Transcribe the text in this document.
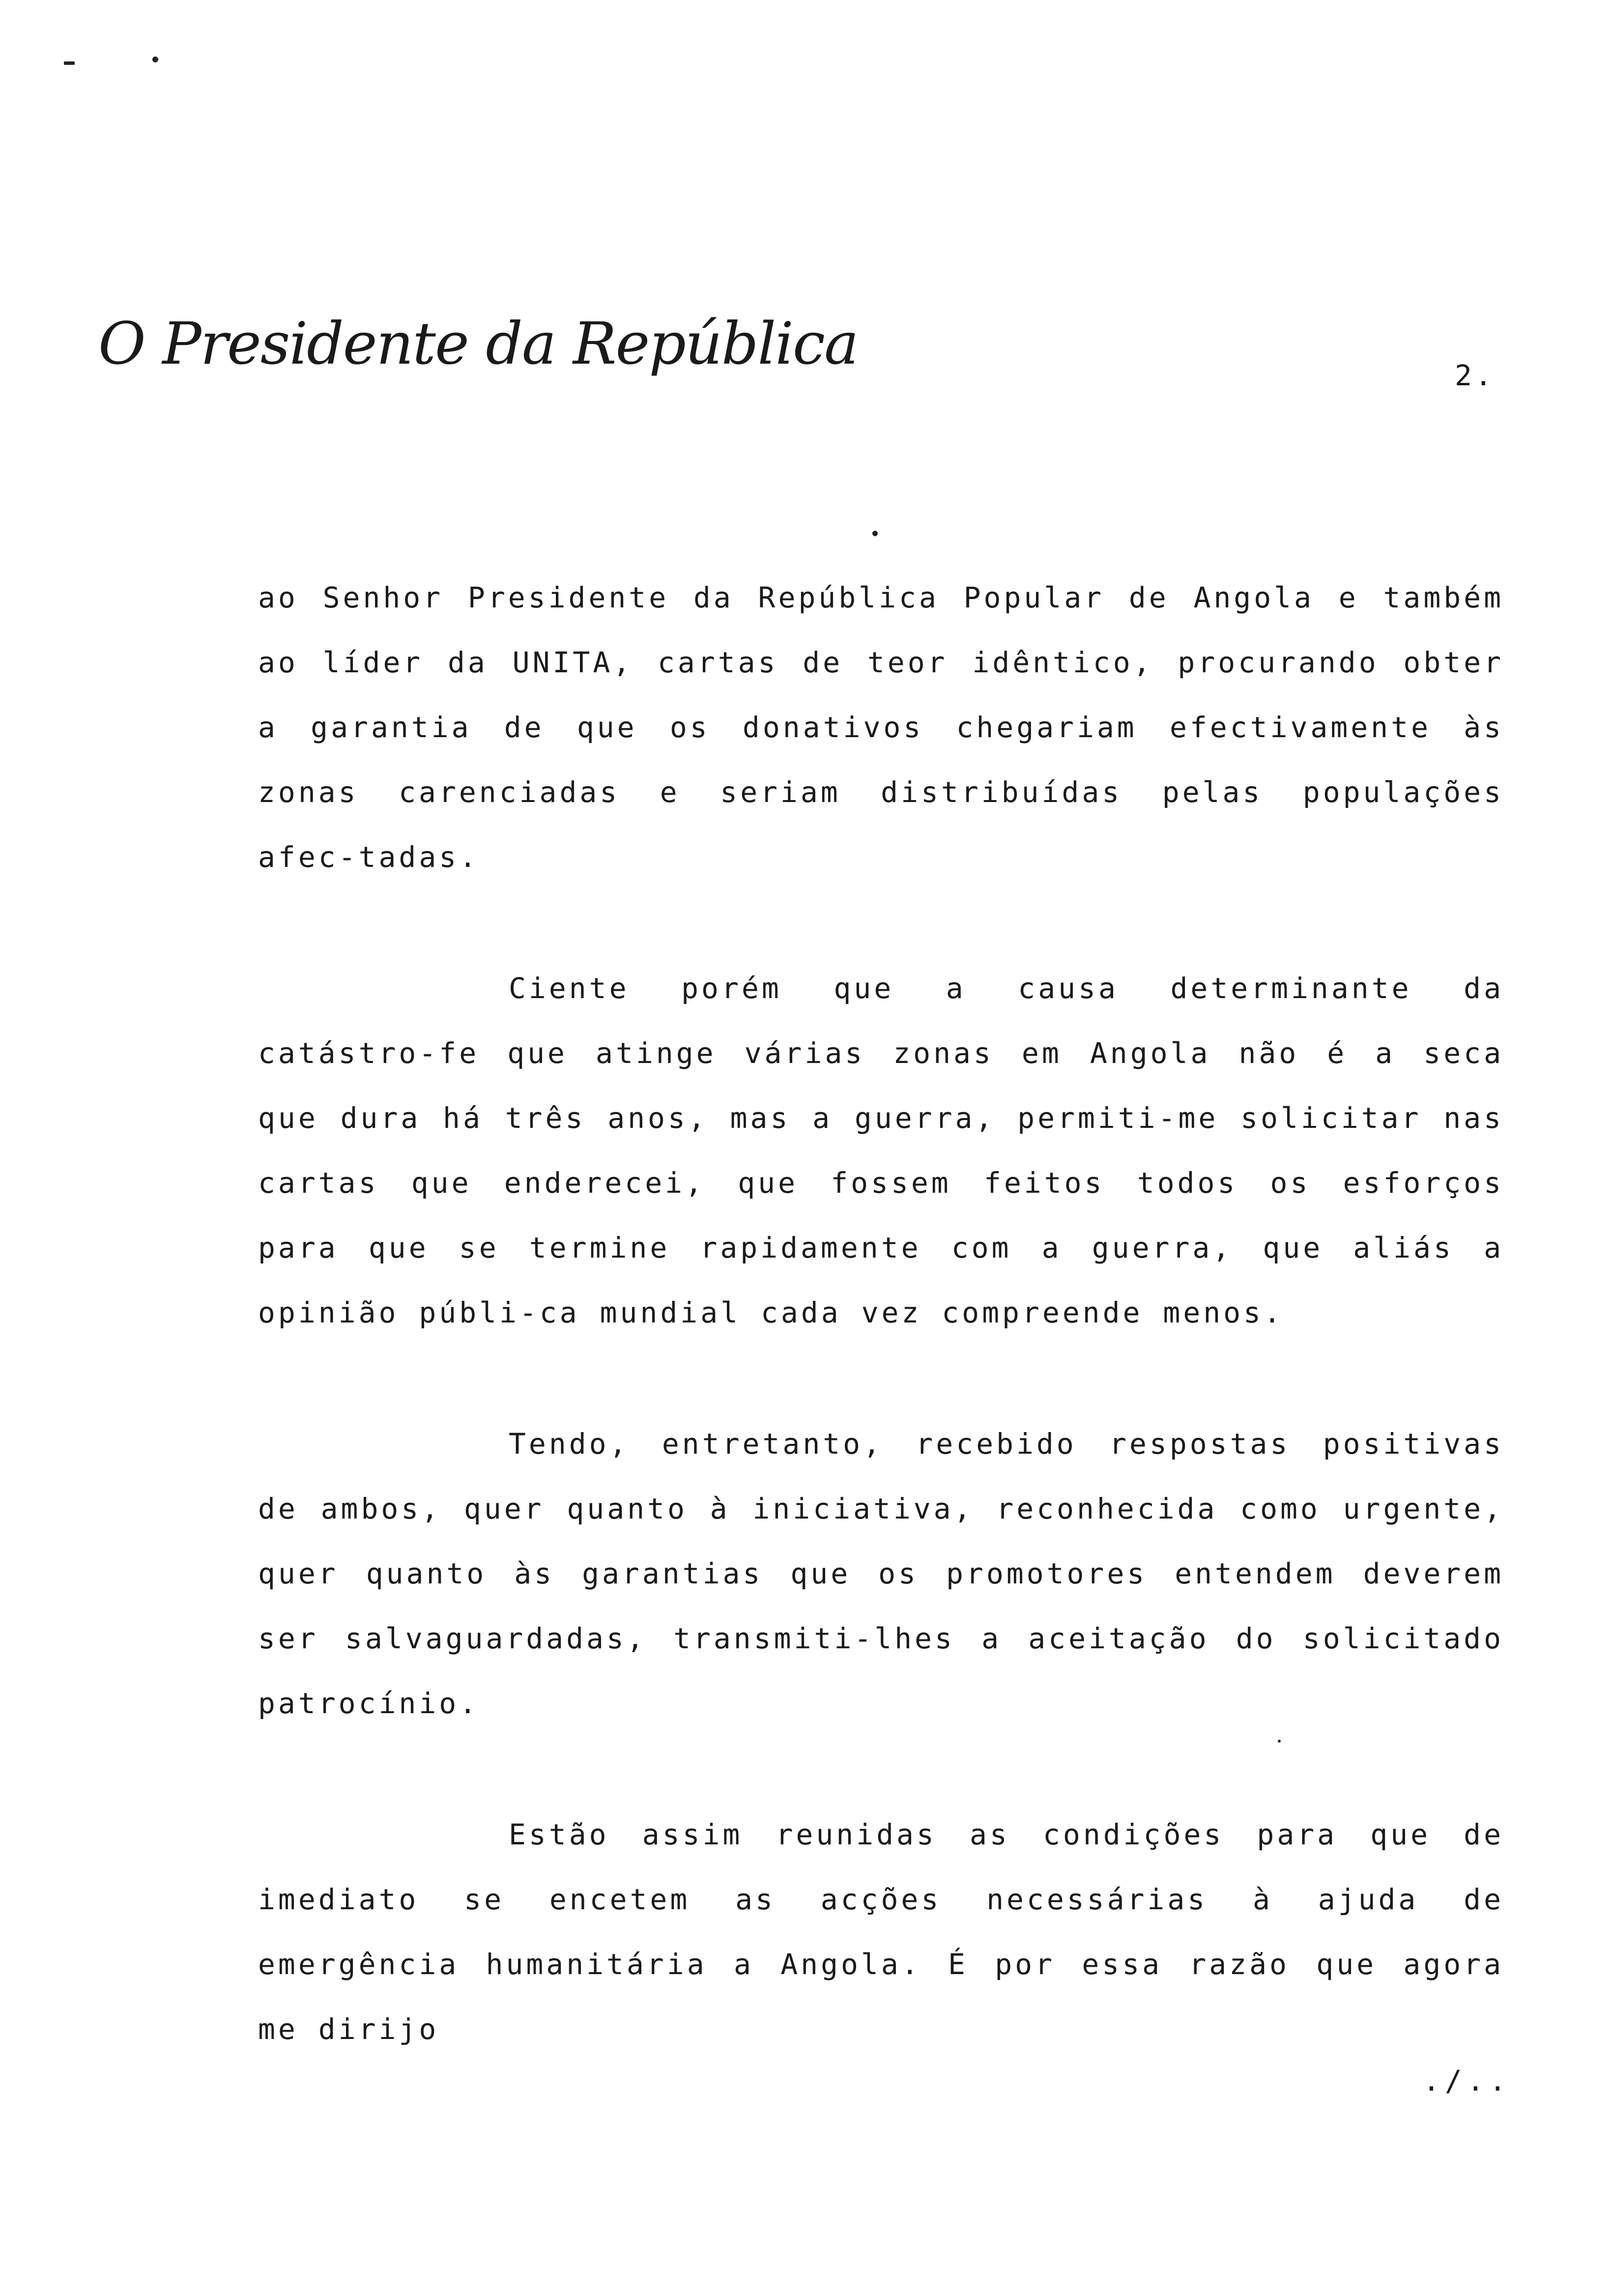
O Presidente da República	2.

ao Senhor Presidente da República Popular de Angola e também ao líder da UNITA, cartas de teor idêntico, procurando obter a garantia de que os donativos chegariam efectivamente às zonas carenciadas e seriam distribuídas pelas populações afec-tadas.

Ciente porém que a causa determinante da catástro-fe que atinge várias zonas em Angola não é a seca que dura há três anos, mas a guerra, permiti-me solicitar nas cartas que enderecei, que fossem feitos todos os esforços para que se termine rapidamente com a guerra, que aliás a opinião públi-ca mundial cada vez compreende menos.

Tendo, entretanto, recebido respostas positivas de ambos, quer quanto à iniciativa, reconhecida como urgente, quer quanto às garantias que os promotores entendem deverem ser salvaguardadas, transmiti-lhes a aceitação do solicitado patrocínio.

Estão assim reunidas as condições para que de imediato se encetem as acções necessárias à ajuda de emergência humanitária a Angola. É por essa razão que agora me dirijo

./..
